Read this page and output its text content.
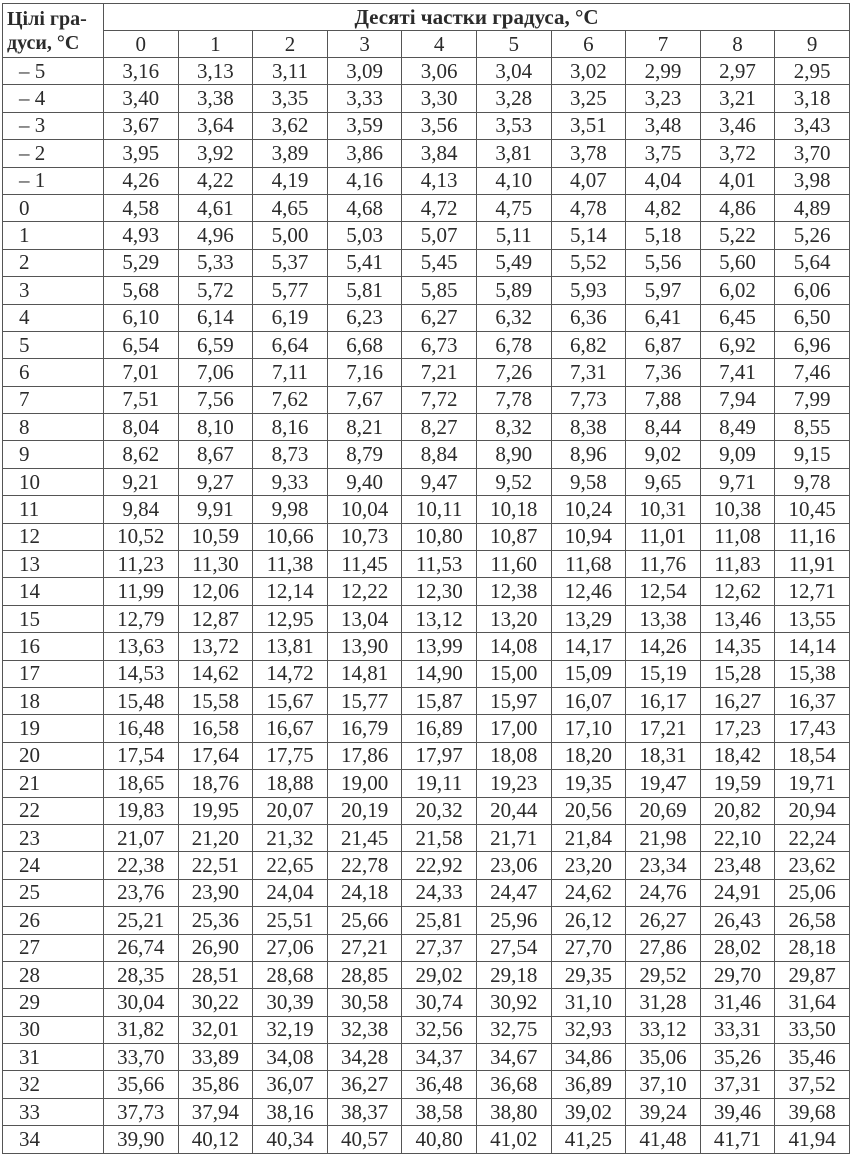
Цілі гра-
дуси, °С	Десяті частки градуса, °С									
	0	1	2	3	4	5	6	7	8	9
– 5	3,16	3,13	3,11	3,09	3,06	3,04	3,02	2,99	2,97	2,95
– 4	3,40	3,38	3,35	3,33	3,30	3,28	3,25	3,23	3,21	3,18
– 3	3,67	3,64	3,62	3,59	3,56	3,53	3,51	3,48	3,46	3,43
– 2	3,95	3,92	3,89	3,86	3,84	3,81	3,78	3,75	3,72	3,70
– 1	4,26	4,22	4,19	4,16	4,13	4,10	4,07	4,04	4,01	3,98
0	4,58	4,61	4,65	4,68	4,72	4,75	4,78	4,82	4,86	4,89
1	4,93	4,96	5,00	5,03	5,07	5,11	5,14	5,18	5,22	5,26
2	5,29	5,33	5,37	5,41	5,45	5,49	5,52	5,56	5,60	5,64
3	5,68	5,72	5,77	5,81	5,85	5,89	5,93	5,97	6,02	6,06
4	6,10	6,14	6,19	6,23	6,27	6,32	6,36	6,41	6,45	6,50
5	6,54	6,59	6,64	6,68	6,73	6,78	6,82	6,87	6,92	6,96
6	7,01	7,06	7,11	7,16	7,21	7,26	7,31	7,36	7,41	7,46
7	7,51	7,56	7,62	7,67	7,72	7,78	7,73	7,88	7,94	7,99
8	8,04	8,10	8,16	8,21	8,27	8,32	8,38	8,44	8,49	8,55
9	8,62	8,67	8,73	8,79	8,84	8,90	8,96	9,02	9,09	9,15
10	9,21	9,27	9,33	9,40	9,47	9,52	9,58	9,65	9,71	9,78
11	9,84	9,91	9,98	10,04	10,11	10,18	10,24	10,31	10,38	10,45
12	10,52	10,59	10,66	10,73	10,80	10,87	10,94	11,01	11,08	11,16
13	11,23	11,30	11,38	11,45	11,53	11,60	11,68	11,76	11,83	11,91
14	11,99	12,06	12,14	12,22	12,30	12,38	12,46	12,54	12,62	12,71
15	12,79	12,87	12,95	13,04	13,12	13,20	13,29	13,38	13,46	13,55
16	13,63	13,72	13,81	13,90	13,99	14,08	14,17	14,26	14,35	14,14
17	14,53	14,62	14,72	14,81	14,90	15,00	15,09	15,19	15,28	15,38
18	15,48	15,58	15,67	15,77	15,87	15,97	16,07	16,17	16,27	16,37
19	16,48	16,58	16,67	16,79	16,89	17,00	17,10	17,21	17,23	17,43
20	17,54	17,64	17,75	17,86	17,97	18,08	18,20	18,31	18,42	18,54
21	18,65	18,76	18,88	19,00	19,11	19,23	19,35	19,47	19,59	19,71
22	19,83	19,95	20,07	20,19	20,32	20,44	20,56	20,69	20,82	20,94
23	21,07	21,20	21,32	21,45	21,58	21,71	21,84	21,98	22,10	22,24
24	22,38	22,51	22,65	22,78	22,92	23,06	23,20	23,34	23,48	23,62
25	23,76	23,90	24,04	24,18	24,33	24,47	24,62	24,76	24,91	25,06
26	25,21	25,36	25,51	25,66	25,81	25,96	26,12	26,27	26,43	26,58
27	26,74	26,90	27,06	27,21	27,37	27,54	27,70	27,86	28,02	28,18
28	28,35	28,51	28,68	28,85	29,02	29,18	29,35	29,52	29,70	29,87
29	30,04	30,22	30,39	30,58	30,74	30,92	31,10	31,28	31,46	31,64
30	31,82	32,01	32,19	32,38	32,56	32,75	32,93	33,12	33,31	33,50
31	33,70	33,89	34,08	34,28	34,37	34,67	34,86	35,06	35,26	35,46
32	35,66	35,86	36,07	36,27	36,48	36,68	36,89	37,10	37,31	37,52
33	37,73	37,94	38,16	38,37	38,58	38,80	39,02	39,24	39,46	39,68
34	39,90	40,12	40,34	40,57	40,80	41,02	41,25	41,48	41,71	41,94
